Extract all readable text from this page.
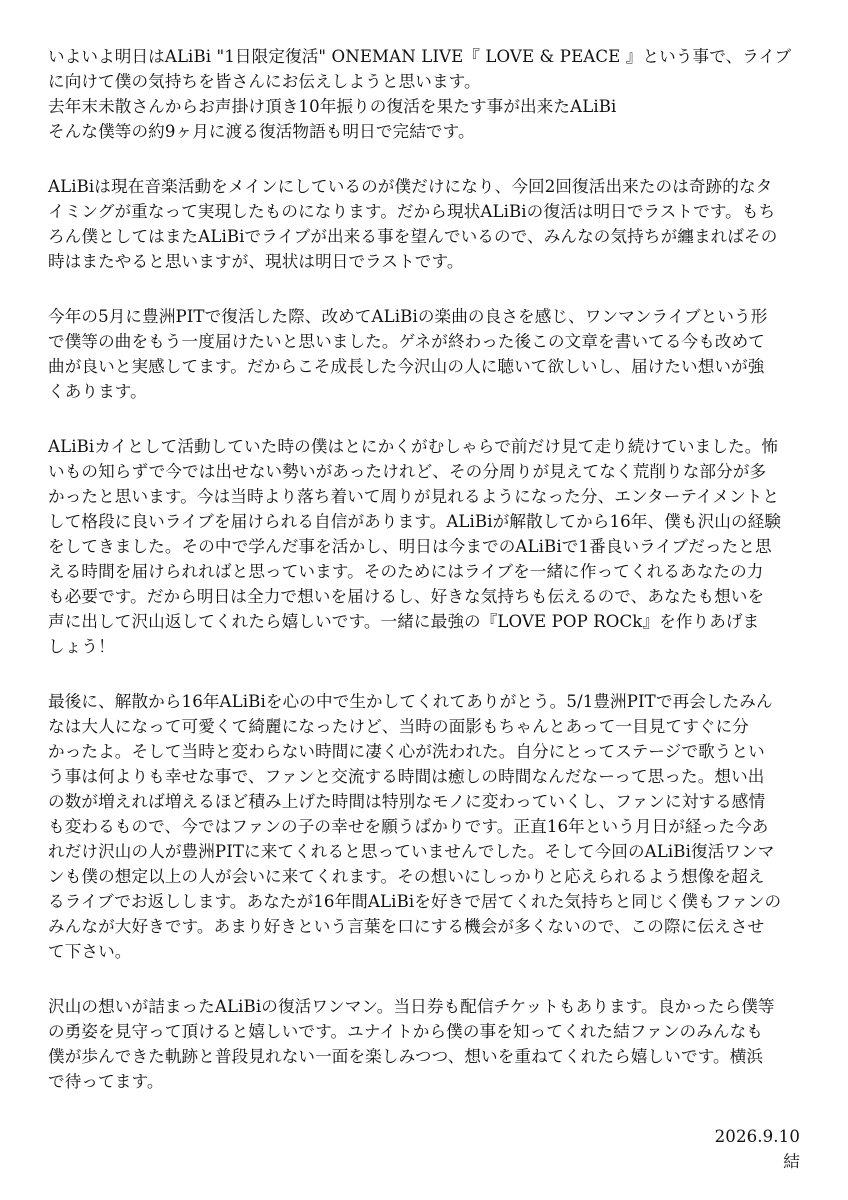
いよいよ明日はALiBi "1日限定復活" ONEMAN LIVE『 LOVE & PEACE 』という事で、ライブ
に向けて僕の気持ちを皆さんにお伝えしようと思います。
去年末未散さんからお声掛け頂き10年振りの復活を果たす事が出来たALiBi
そんな僕等の約9ヶ月に渡る復活物語も明日で完結です。
ALiBiは現在音楽活動をメインにしているのが僕だけになり、今回2回復活出来たのは奇跡的なタ
イミングが重なって実現したものになります。だから現状ALiBiの復活は明日でラストです。もち
ろん僕としてはまたALiBiでライブが出来る事を望んでいるので、みんなの気持ちが纏まればその
時はまたやると思いますが、現状は明日でラストです。
今年の5月に豊洲PITで復活した際、改めてALiBiの楽曲の良さを感じ、ワンマンライブという形
で僕等の曲をもう一度届けたいと思いました。ゲネが終わった後この文章を書いてる今も改めて
曲が良いと実感してます。だからこそ成長した今沢山の人に聴いて欲しいし、届けたい想いが強
くあります。
ALiBiカイとして活動していた時の僕はとにかくがむしゃらで前だけ見て走り続けていました。怖
いもの知らずで今では出せない勢いがあったけれど、その分周りが見えてなく荒削りな部分が多
かったと思います。今は当時より落ち着いて周りが見れるようになった分、エンターテイメントと
して格段に良いライブを届けられる自信があります。ALiBiが解散してから16年、僕も沢山の経験
をしてきました。その中で学んだ事を活かし、明日は今までのALiBiで1番良いライブだったと思
える時間を届けられればと思っています。そのためにはライブを一緒に作ってくれるあなたの力
も必要です。だから明日は全力で想いを届けるし、好きな気持ちも伝えるので、あなたも想いを
声に出して沢山返してくれたら嬉しいです。一緒に最強の『LOVE POP ROCk』を作りあげま
しょう！
最後に、解散から16年ALiBiを心の中で生かしてくれてありがとう。5/1豊洲PITで再会したみん
なは大人になって可愛くて綺麗になったけど、当時の面影もちゃんとあって一目見てすぐに分
かったよ。そして当時と変わらない時間に凄く心が洗われた。自分にとってステージで歌うとい
う事は何よりも幸せな事で、ファンと交流する時間は癒しの時間なんだなーって思った。想い出
の数が増えれば増えるほど積み上げた時間は特別なモノに変わっていくし、ファンに対する感情
も変わるもので、今ではファンの子の幸せを願うばかりです。正直16年という月日が経った今あ
れだけ沢山の人が豊洲PITに来てくれると思っていませんでした。そして今回のALiBi復活ワンマ
ンも僕の想定以上の人が会いに来てくれます。その想いにしっかりと応えられるよう想像を超え
るライブでお返しします。あなたが16年間ALiBiを好きで居てくれた気持ちと同じく僕もファンの
みんなが大好きです。あまり好きという言葉を口にする機会が多くないので、この際に伝えさせ
て下さい。
沢山の想いが詰まったALiBiの復活ワンマン。当日券も配信チケットもあります。良かったら僕等
の勇姿を見守って頂けると嬉しいです。ユナイトから僕の事を知ってくれた結ファンのみんなも
僕が歩んできた軌跡と普段見れない一面を楽しみつつ、想いを重ねてくれたら嬉しいです。横浜
で待ってます。
2026.9.10
結
